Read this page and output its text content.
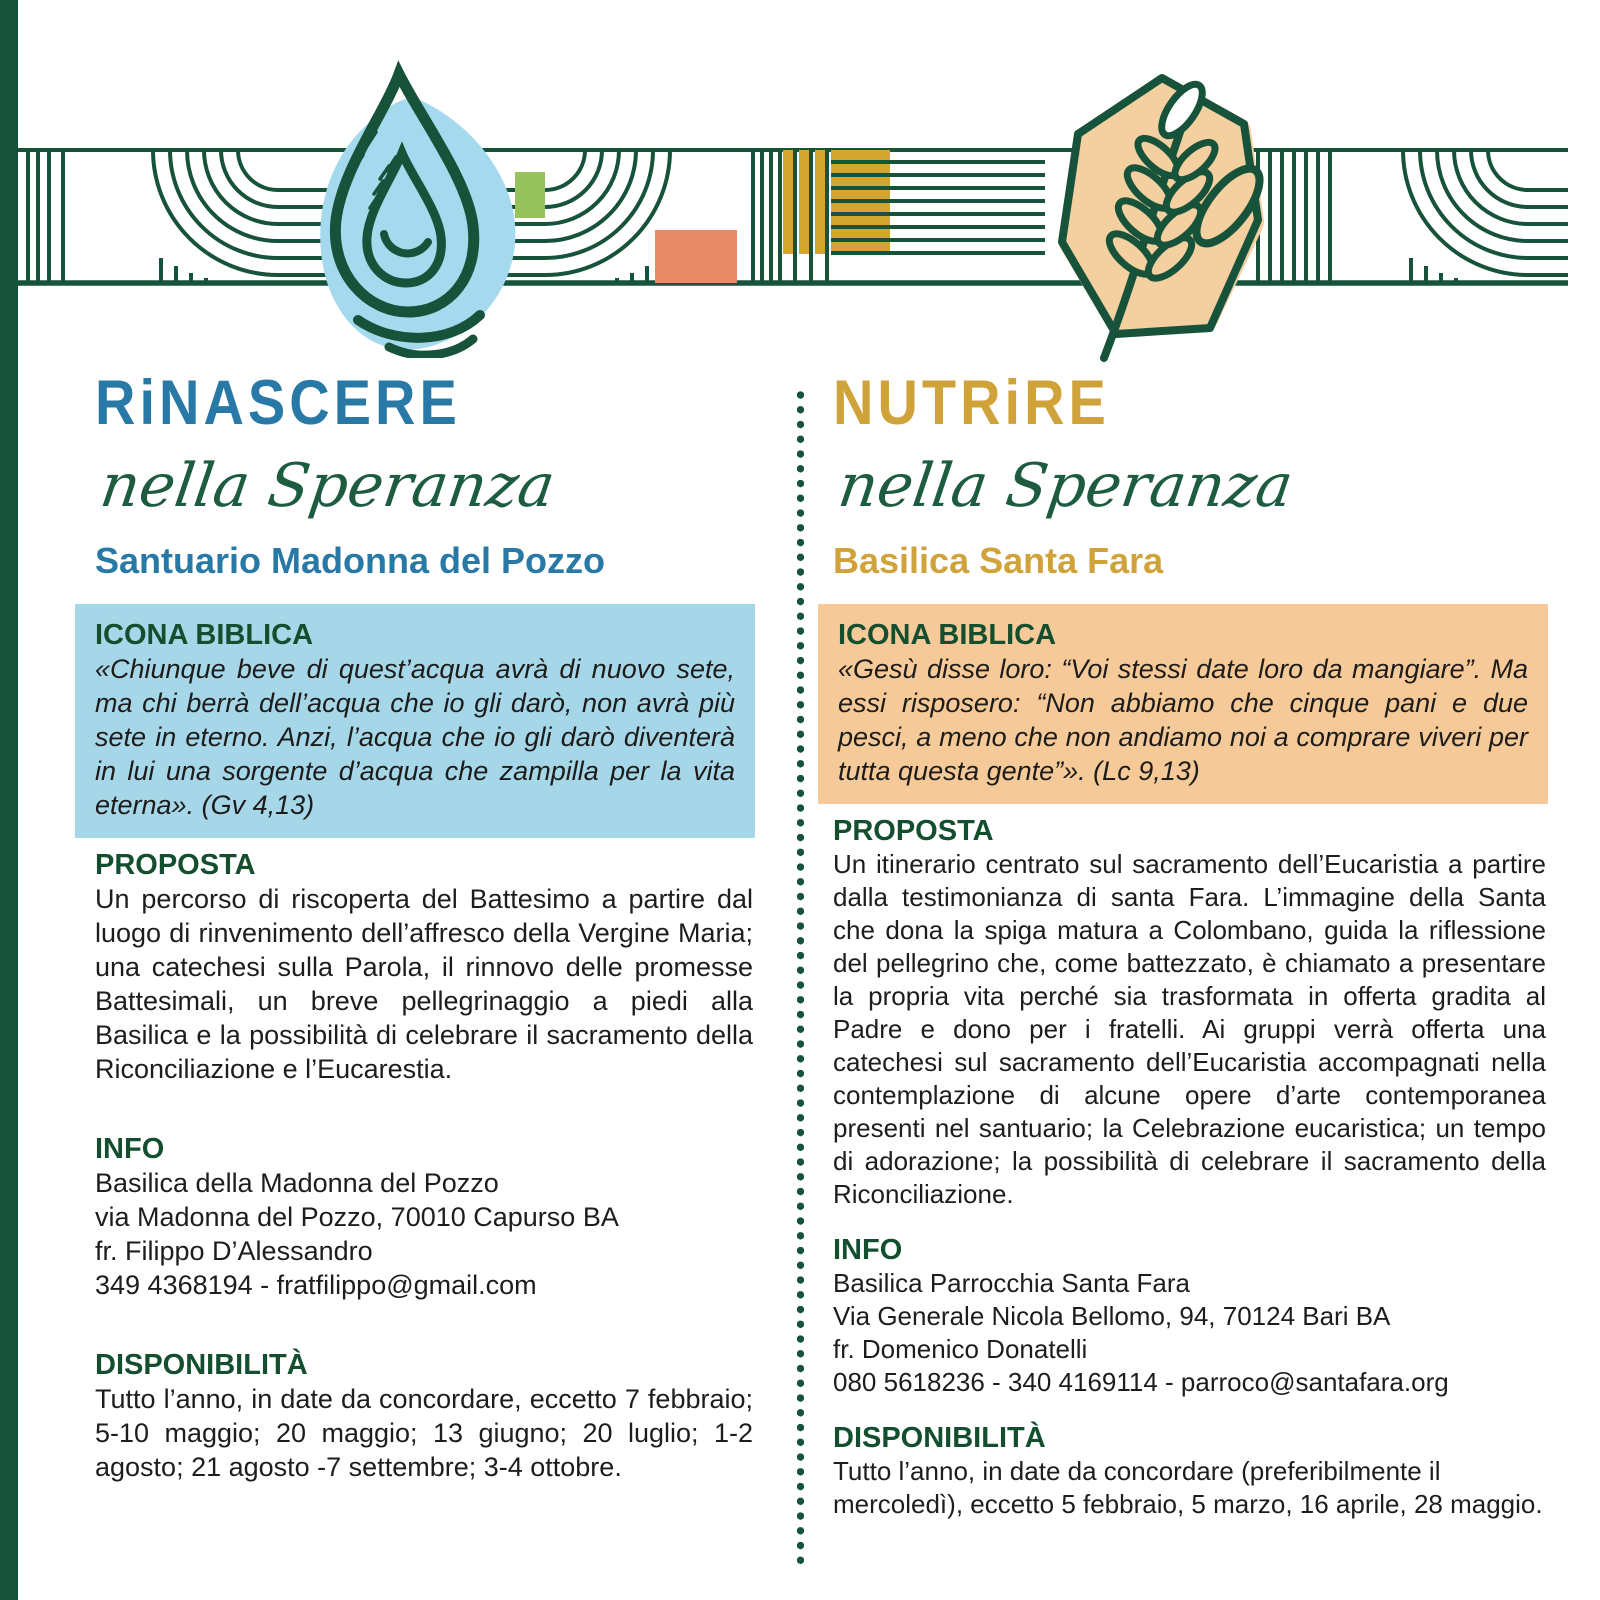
RiNASCERE
nella Speranza
Santuario Madonna del Pozzo
ICONA BIBLICA
«Chiunque beve di quest’acqua avrà di nuovo sete, ma chi berrà dell’acqua che io gli darò, non avrà più sete in eterno. Anzi, l’acqua che io gli darò diventerà in lui una sorgente d’acqua che zampilla per la vita eterna». (Gv 4,13)
PROPOSTA
Un percorso di riscoperta del Battesimo a partire dal luogo di rinvenimento dell’affresco della Vergine Maria; una catechesi sulla Parola, il rinnovo delle promesse Battesimali, un breve pellegrinaggio a piedi alla Basilica e la possibilità di celebrare il sacramento della Riconciliazione e l’Eucarestia.
INFO
Basilica della Madonna del Pozzo
via Madonna del Pozzo, 70010 Capurso BA
fr. Filippo D’Alessandro
349 4368194 - fratfilippo@gmail.com
DISPONIBILITÀ
Tutto l’anno, in date da concordare, eccetto 7 febbraio; 5-10 maggio; 20 maggio; 13 giugno; 20 luglio; 1-2 agosto; 21 agosto -7 settembre; 3-4 ottobre.
NUTRiRE
nella Speranza
Basilica Santa Fara
ICONA BIBLICA
«Gesù disse loro: “Voi stessi date loro da mangiare”. Ma essi risposero: “Non abbiamo che cinque pani e due pesci, a meno che non andiamo noi a comprare viveri per tutta questa gente”». (Lc 9,13)
PROPOSTA
Un itinerario centrato sul sacramento dell’Eucaristia a partire dalla testimonianza di santa Fara. L’immagine della Santa che dona la spiga matura a Colombano, guida la riflessione del pellegrino che, come battezzato, è chiamato a presentare la propria vita perché sia trasformata in offerta gradita al Padre e dono per i fratelli. Ai gruppi verrà offerta una catechesi sul sacramento dell’Eucaristia accompagnati nella contemplazione di alcune opere d’arte contemporanea presenti nel santuario; la Celebrazione eucaristica; un tempo di adorazione; la possibilità di celebrare il sacramento della Riconciliazione.
INFO
Basilica Parrocchia Santa Fara
Via Generale Nicola Bellomo, 94, 70124 Bari BA
fr. Domenico Donatelli
080 5618236 - 340 4169114 - parroco@santafara.org
DISPONIBILITÀ
Tutto l’anno, in date da concordare (preferibilmente il mercoledì), eccetto 5 febbraio, 5 marzo, 16 aprile, 28 maggio.
